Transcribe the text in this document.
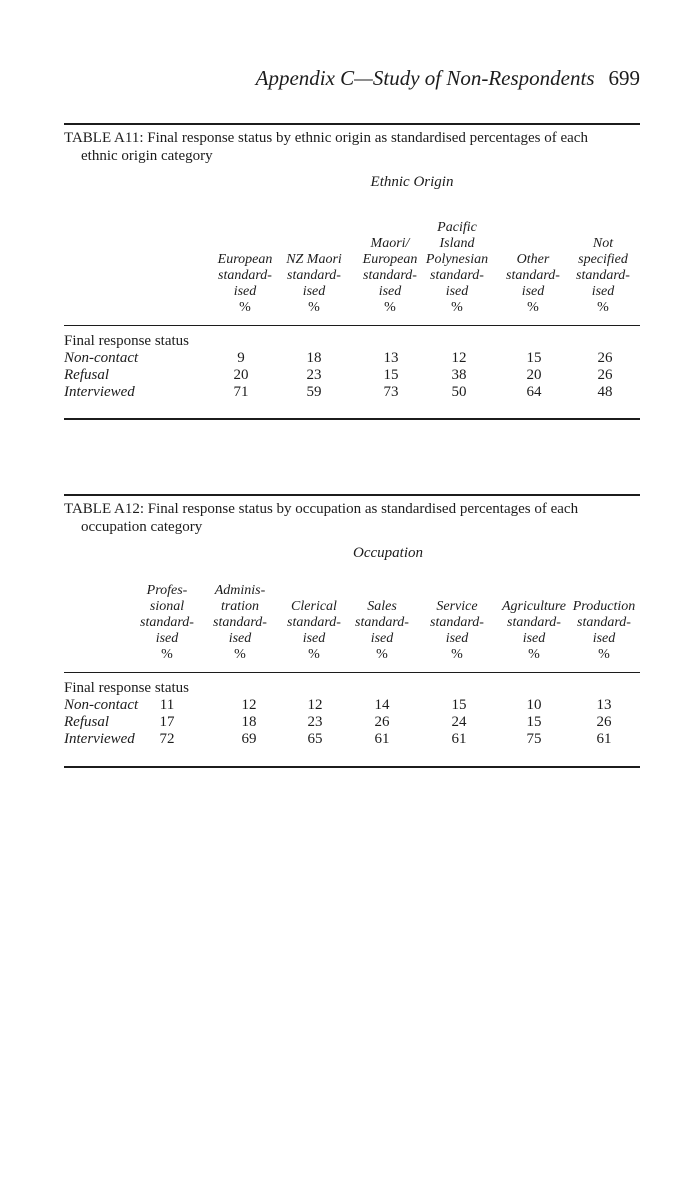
Appendix C—Study of Non-Respondents 699
TABLE A11: Final response status by ethnic origin as standardised percentages of each
ethnic origin category
Ethnic Origin
European
standard-
ised
%
NZ Maori
standard-
ised
%
Maori/
European
standard-
ised
%
Pacific
Island
Polynesian
standard-
ised
%
Other
standard-
ised
%
Not
specified
standard-
ised
%
Final response status
Non-contact	9	18	13	12	15	26
Refusal	20	23	15	38	20	26
Interviewed	71	59	73	50	64	48
TABLE A12: Final response status by occupation as standardised percentages of each
occupation category
Occupation
Profes-
sional
standard-
ised
%
Adminis-
tration
standard-
ised
%
Clerical
standard-
ised
%
Sales
standard-
ised
%
Service
standard-
ised
%
Agriculture
standard-
ised
%
Production
standard-
ised
%
Final response status
Non-contact 11	12	12	14	15	10	13
Refusal	17	18	23	26	24	15	26
Interviewed 72	69	65	61	61	75	61
